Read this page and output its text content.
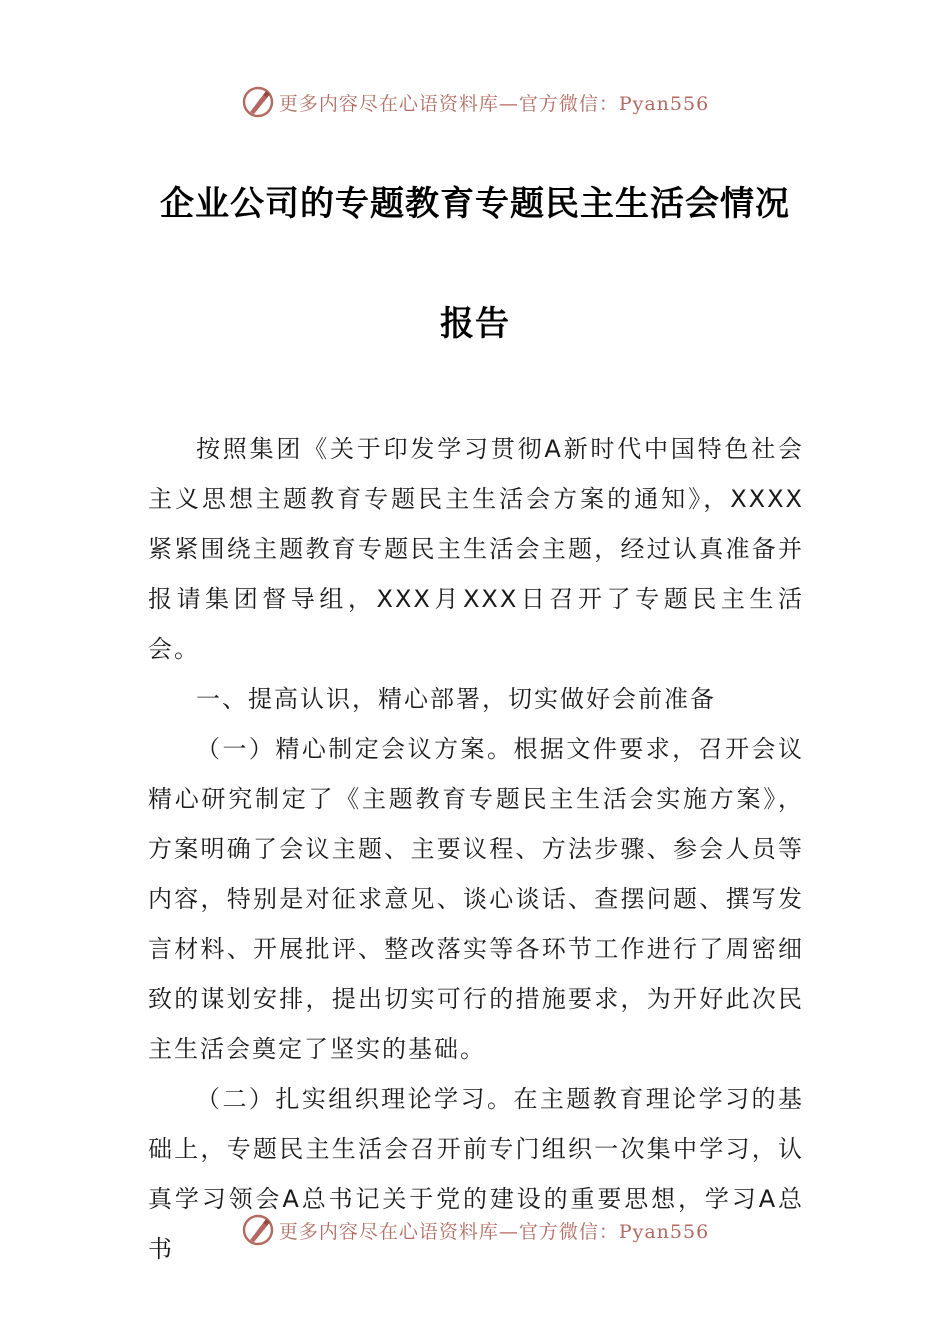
更多内容尽在心语资料库—官方微信：Pyan556
企业公司的专题教育专题民主生活会情况
报告

按照集团《关于印发学习贯彻A新时代中国特色社会主义思想主题教育专题民主生活会方案的通知》，XXXX紧紧围绕主题教育专题民主生活会主题，经过认真准备并报请集团督导组，XXX月XXX日召开了专题民主生活会。

一、提高认识，精心部署，切实做好会前准备

（一）精心制定会议方案。根据文件要求，召开会议精心研究制定了《主题教育专题民主生活会实施方案》，方案明确了会议主题、主要议程、方法步骤、参会人员等内容，特别是对征求意见、谈心谈话、查摆问题、撰写发言材料、开展批评、整改落实等各环节工作进行了周密细致的谋划安排，提出切实可行的措施要求，为开好此次民主生活会奠定了坚实的基础。

（二）扎实组织理论学习。在主题教育理论学习的基础上，专题民主生活会召开前专门组织一次集中学习，认真学习领会A总书记关于党的建设的重要思想，学习A总书

更多内容尽在心语资料库—官方微信：Pyan556
